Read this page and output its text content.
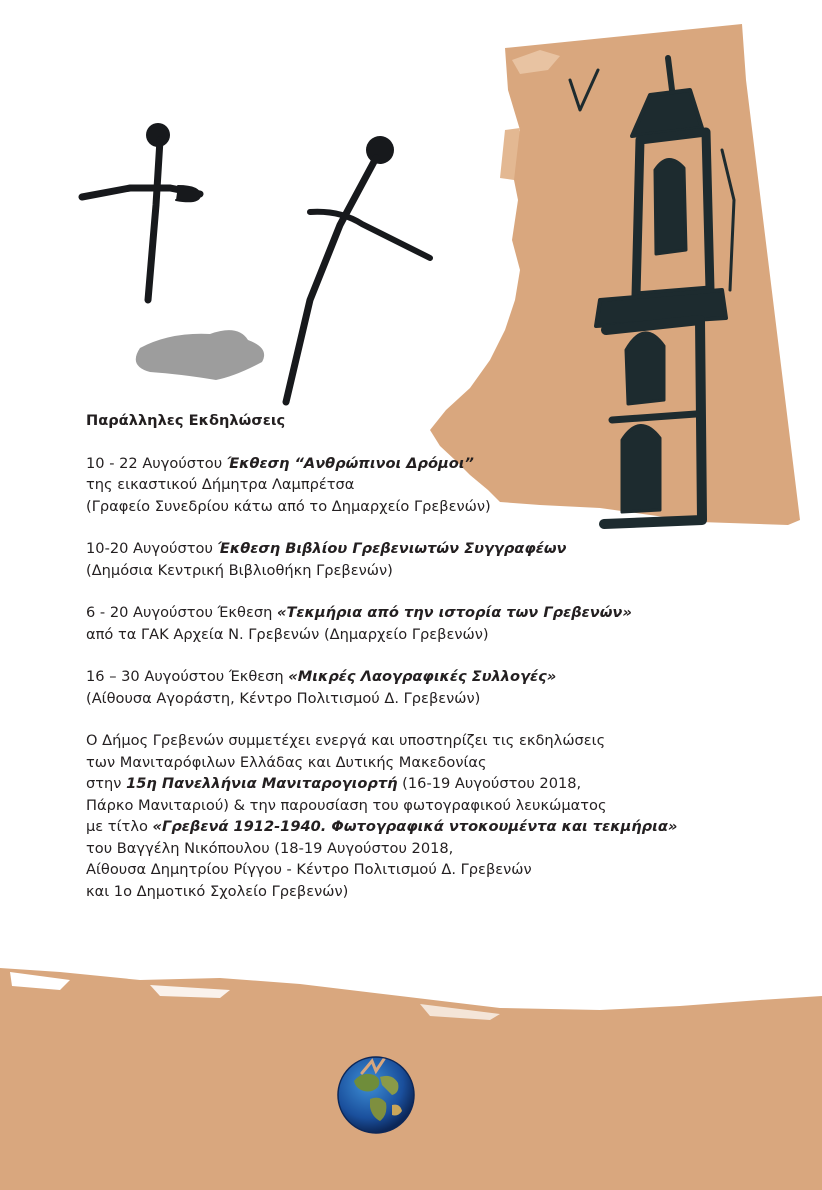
Παράλληλες Εκδηλώσεις
10 - 22 Αυγούστου Έκθεση “Ανθρώπινοι Δρόμοι”
της εικαστικού Δήμητρα Λαμπρέτσα
(Γραφείο Συνεδρίου κάτω από το Δημαρχείο Γρεβενών)
10-20 Αυγούστου Έκθεση Βιβλίου Γρεβενιωτών Συγγραφέων
(Δημόσια Κεντρική Βιβλιοθήκη Γρεβενών)
6 - 20 Αυγούστου Έκθεση «Τεκμήρια από την ιστορία των Γρεβενών»
από τα ΓΑΚ Αρχεία Ν. Γρεβενών (Δημαρχείο Γρεβενών)
16 – 30 Αυγούστου Έκθεση «Μικρές Λαογραφικές Συλλογές»
(Αίθουσα Αγοράστη, Κέντρο Πολιτισμού Δ. Γρεβενών)
Ο Δήμος Γρεβενών συμμετέχει ενεργά και υποστηρίζει τις εκδηλώσεις
των Μανιταρόφιλων Ελλάδας και Δυτικής Μακεδονίας
στην 15η Πανελλήνια Μανιταρογιορτή (16-19 Αυγούστου 2018,
Πάρκο Μανιταριού) & την παρουσίαση του φωτογραφικού λευκώματος
με τίτλο «Γρεβενά 1912-1940. Φωτογραφικά ντοκουμέντα και τεκμήρια»
του Βαγγέλη Νικόπουλου (18-19 Αυγούστου 2018,
Αίθουσα Δημητρίου Ρίγγου - Κέντρο Πολιτισμού Δ. Γρεβενών
και 1ο Δημοτικό Σχολείο Γρεβενών)
